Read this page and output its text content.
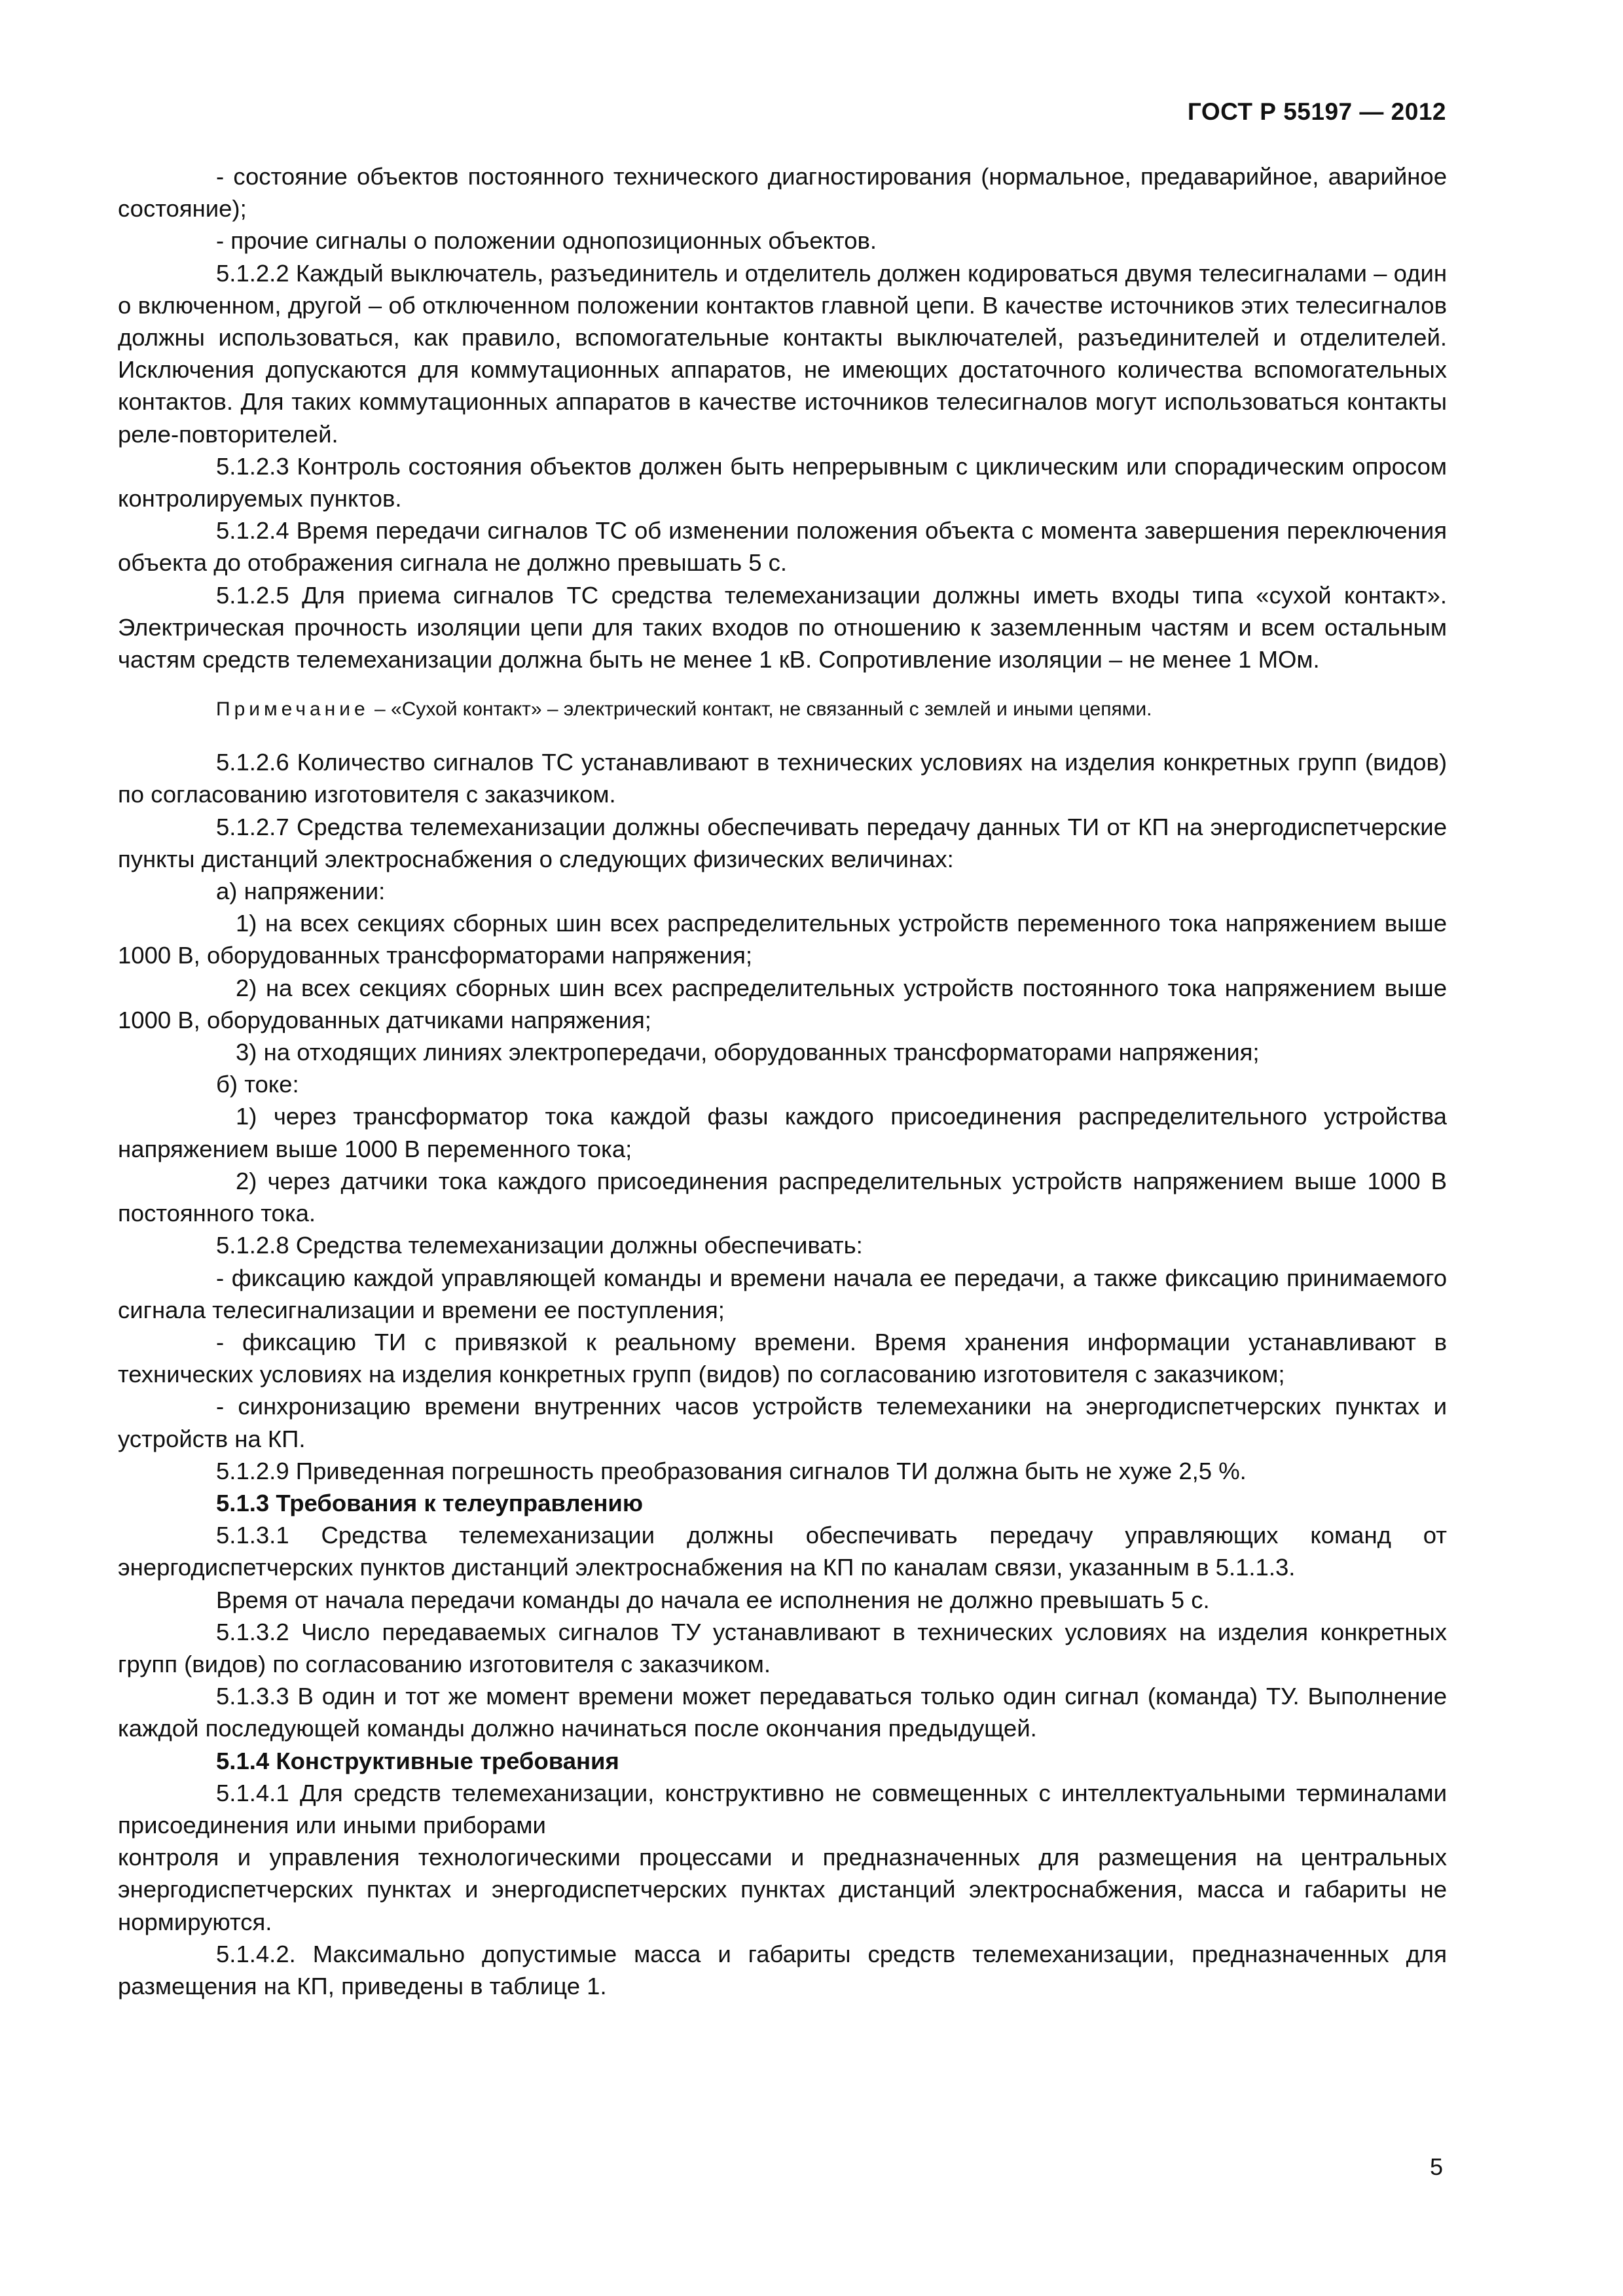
ГОСТ Р 55197 — 2012

- состояние объектов постоянного технического диагностирования (нормальное, предаварийное, аварийное состояние);

- прочие сигналы о положении однопозиционных объектов.

5.1.2.2 Каждый выключатель, разъединитель и отделитель должен кодироваться двумя телесигналами – один о включенном, другой – об отключенном положении контактов главной цепи. В качестве источников этих телесигналов должны использоваться, как правило, вспомогательные контакты выключателей, разъединителей и отделителей. Исключения допускаются для коммутационных аппаратов, не имеющих достаточного количества вспомогательных контактов. Для таких коммутационных аппаратов в качестве источников телесигналов могут использоваться контакты реле-повторителей.

5.1.2.3 Контроль состояния объектов должен быть непрерывным с циклическим или спорадическим опросом контролируемых пунктов.

5.1.2.4 Время передачи сигналов ТС об изменении положения объекта с момента завершения переключения объекта до отображения сигнала не должно превышать 5 с.

5.1.2.5 Для приема сигналов ТС средства телемеханизации должны иметь входы типа «сухой контакт». Электрическая прочность изоляции цепи для таких входов по отношению к заземленным частям и всем остальным частям средств телемеханизации должна быть не менее 1 кВ. Сопротивление изоляции – не менее 1 МОм.

Примечание – «Сухой контакт» – электрический контакт, не связанный с землей и иными цепями.

5.1.2.6 Количество сигналов ТС устанавливают в технических условиях на изделия конкретных групп (видов) по согласованию изготовителя с заказчиком.

5.1.2.7 Средства телемеханизации должны обеспечивать передачу данных ТИ от КП на энергодиспетчерские пункты дистанций электроснабжения о следующих физических величинах:

а) напряжении:

1) на всех секциях сборных шин всех распределительных устройств переменного тока напряжением выше 1000 В, оборудованных трансформаторами напряжения;

2) на всех секциях сборных шин всех распределительных устройств постоянного тока напряжением выше 1000 В, оборудованных датчиками напряжения;

3) на отходящих линиях электропередачи, оборудованных трансформаторами напряжения;

б) токе:

1) через трансформатор тока каждой фазы каждого присоединения распределительного устройства напряжением выше 1000 В переменного тока;

2) через датчики тока каждого присоединения распределительных устройств напряжением выше 1000 В постоянного тока.

5.1.2.8 Средства телемеханизации должны обеспечивать:

- фиксацию каждой управляющей команды и времени начала ее передачи, а также фиксацию принимаемого сигнала телесигнализации и времени ее поступления;

- фиксацию ТИ с привязкой к реальному времени. Время хранения информации устанавливают в технических условиях на изделия конкретных групп (видов) по согласованию изготовителя с заказчиком;

- синхронизацию времени внутренних часов устройств телемеханики на энергодиспетчерских пунктах и устройств на КП.

5.1.2.9 Приведенная погрешность преобразования сигналов ТИ должна быть не хуже 2,5 %.

5.1.3 Требования к телеуправлению

5.1.3.1 Средства телемеханизации должны обеспечивать передачу управляющих команд от энергодиспетчерских пунктов дистанций электроснабжения на КП по каналам связи, указанным в 5.1.1.3.

Время от начала передачи команды до начала ее исполнения не должно превышать 5 с.

5.1.3.2 Число передаваемых сигналов ТУ устанавливают в технических условиях на изделия конкретных групп (видов) по согласованию изготовителя с заказчиком.

5.1.3.3 В один и тот же момент времени может передаваться только один сигнал (команда) ТУ. Выполнение каждой последующей команды должно начинаться после окончания предыдущей.

5.1.4 Конструктивные требования

5.1.4.1 Для средств телемеханизации, конструктивно не совмещенных с интеллектуальными терминалами присоединения или иными приборами

контроля и управления технологическими процессами и предназначенных для размещения на центральных энергодиспетчерских пунктах и энергодиспетчерских пунктах дистанций электроснабжения, масса и габариты не нормируются.

5.1.4.2. Максимально допустимые масса и габариты средств телемеханизации, предназначенных для размещения на КП, приведены в таблице 1.

5
